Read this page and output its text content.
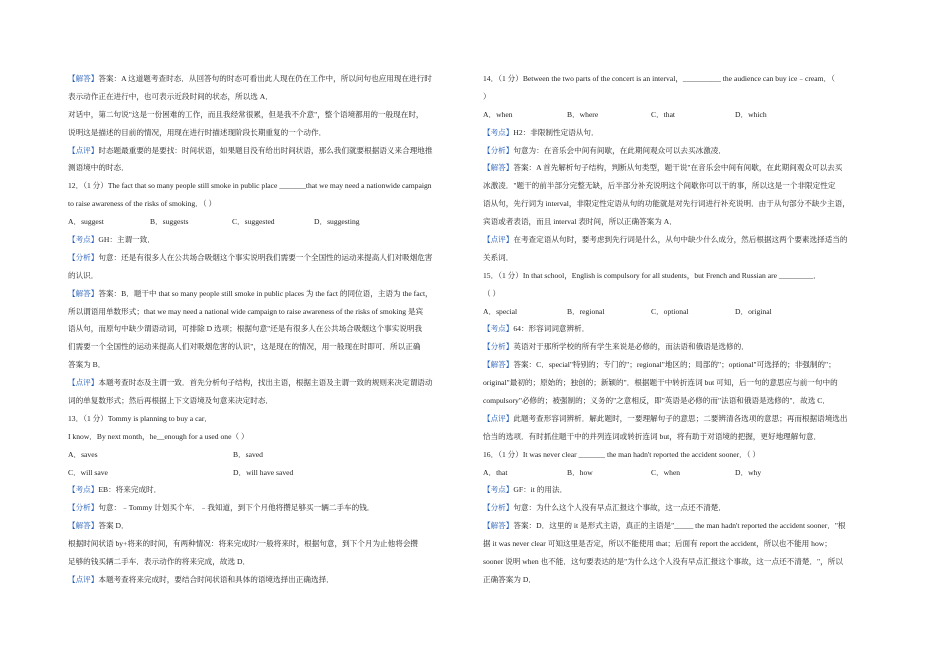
【解答】答案：A 这道题考查时态．从回答句的时态可看出此人现在仍在工作中，所以问句也应用现在进行时
表示动作正在进行中，也可表示近段时间的状态，所以选 A．
对话中，第二句说"这是一份困难的工作，而且我经常很累，但是我不介意"，整个语境都用的一般现在时，
说明这是描述的目前的情况，用现在进行时描述现阶段长期重复的一个动作．
【点评】时态题最重要的是要找：时间状语，如果题目没有给出时间状语，那么我们就要根据语义来合理地推
测语境中的时态．
12．（1 分）The fact that so many people still smoke in public place _______that we may need a nationwide campaign
to raise awareness of the risks of smoking．（ ）
A．suggest	B．suggests	C．suggested	D．suggesting
【考点】GH：主谓一致．
【分析】句意：还是有很多人在公共场合吸烟这个事实说明我们需要一个全国性的运动来提高人们对吸烟危害
的认识．
【解答】答案：B．题干中 that so many people still smoke in public places 为 the fact 的同位语，主语为 the fact，
所以谓语用单数形式；that we may need a national wide campaign to raise awareness of the risks of smoking 是宾
语从句，而原句中缺少谓语动词，可排除 D 选项；根据句意"还是有很多人在公共场合吸烟这个事实说明我
们需要一个全国性的运动来提高人们对吸烟危害的认识"，这是现在的情况，用一般现在时即可．所以正确
答案为 B．
【点评】本题考查时态及主谓一致．首先分析句子结构，找出主语，根据主语及主谓一致的规则来决定谓语动
词的单复数形式；然后再根据上下文语境及句意来决定时态．
13．（1 分）Tommy is planning to buy a car．
I know．By next month，he__enough for a used one（ ）
A．saves	B．saved
C．will save	D．will have saved
【考点】EB：将来完成时．
【分析】句意：﹣Tommy 计划买个车．﹣我知道，到下个月他将攒足够买一辆二手车的钱．
【解答】答案 D．
根据时间状语 by+将来的时间，有两种情况：将来完成时/一般将来时，根据句意，到下个月为止他将会攒
足够的钱买辆二手车．表示动作的将来完成，故选 D．
【点评】本题考查将来完成时，要结合时间状语和具体的语境选择出正确选择．
14．（1 分）Between the two parts of the concert is an interval，__________ the audience can buy ice﹣cream．（
）
A．when	B．where	C．that	D．which
【考点】H2：非限制性定语从句．
【分析】句意为：在音乐会中间有间歇，在此期间观众可以去买冰激凌．
【解答】答案：A 首先解析句子结构，判断从句类型，题干说"在音乐会中间有间歇，在此期间观众可以去买
冰激凌．"题干的前半部分完整无缺，后半部分补充说明这个间歇你可以干的事，所以这是一个非限定性定
语从句，先行词为 interval，非限定性定语从句的功能就是对先行词进行补充说明．由于从句部分不缺少主语，
宾语或者表语，而且 interval 表时间，所以正确答案为 A．
【点评】在考查定语从句时，要考虑到先行词是什么，从句中缺少什么成分，然后根据这两个要素选择适当的
关系词．
15．（1 分）In that school，English is compulsory for all students，but French and Russian are _________．
（ ）
A．special	B．regional	C．optional	D．original
【考点】64：形容词词意辨析．
【分析】英语对于那所学校的所有学生来说是必修的，而法语和俄语是选修的．
【解答】答案：C．special"特别的；专门的"；regional"地区的；局部的"；optional"可选择的；非强制的"；
original"最初的；原始的；独创的；新颖的"．根据题干中转折连词 but 可知，后一句的意思应与前一句中的
compulsory"必修的；被强制的；义务的"之意相反，即"英语是必修的而"法语和俄语是选修的"．故选 C．
【点评】此题考查形容词辨析．解此题时，一要理解句子的意思；二要辨清各选项的意思；再而根据语境选出
恰当的选项．有时抓住题干中的并列连词或转折连词 but，将有助于对语境的把握，更好地理解句意．
16．（1 分）It was never clear _______ the man hadn't reported the accident sooner．（ ）
A．that	B．how	C．when	D．why
【考点】GF：it 的用法．
【分析】句意：为什么这个人没有早点汇报这个事故，这一点还不清楚．
【解答】答案：D．这里的 it 是形式主语，真正的主语是"_____ the man hadn't reported the accident sooner．"根
据 it was never clear 可知这里是否定，所以不能使用 that；后面有 report the accident，所以也不能用 how；
sooner 说明 when 也不能．这句要表达的是"为什么这个人没有早点汇报这个事故，这一点还不清楚．"，所以
正确答案为 D．
